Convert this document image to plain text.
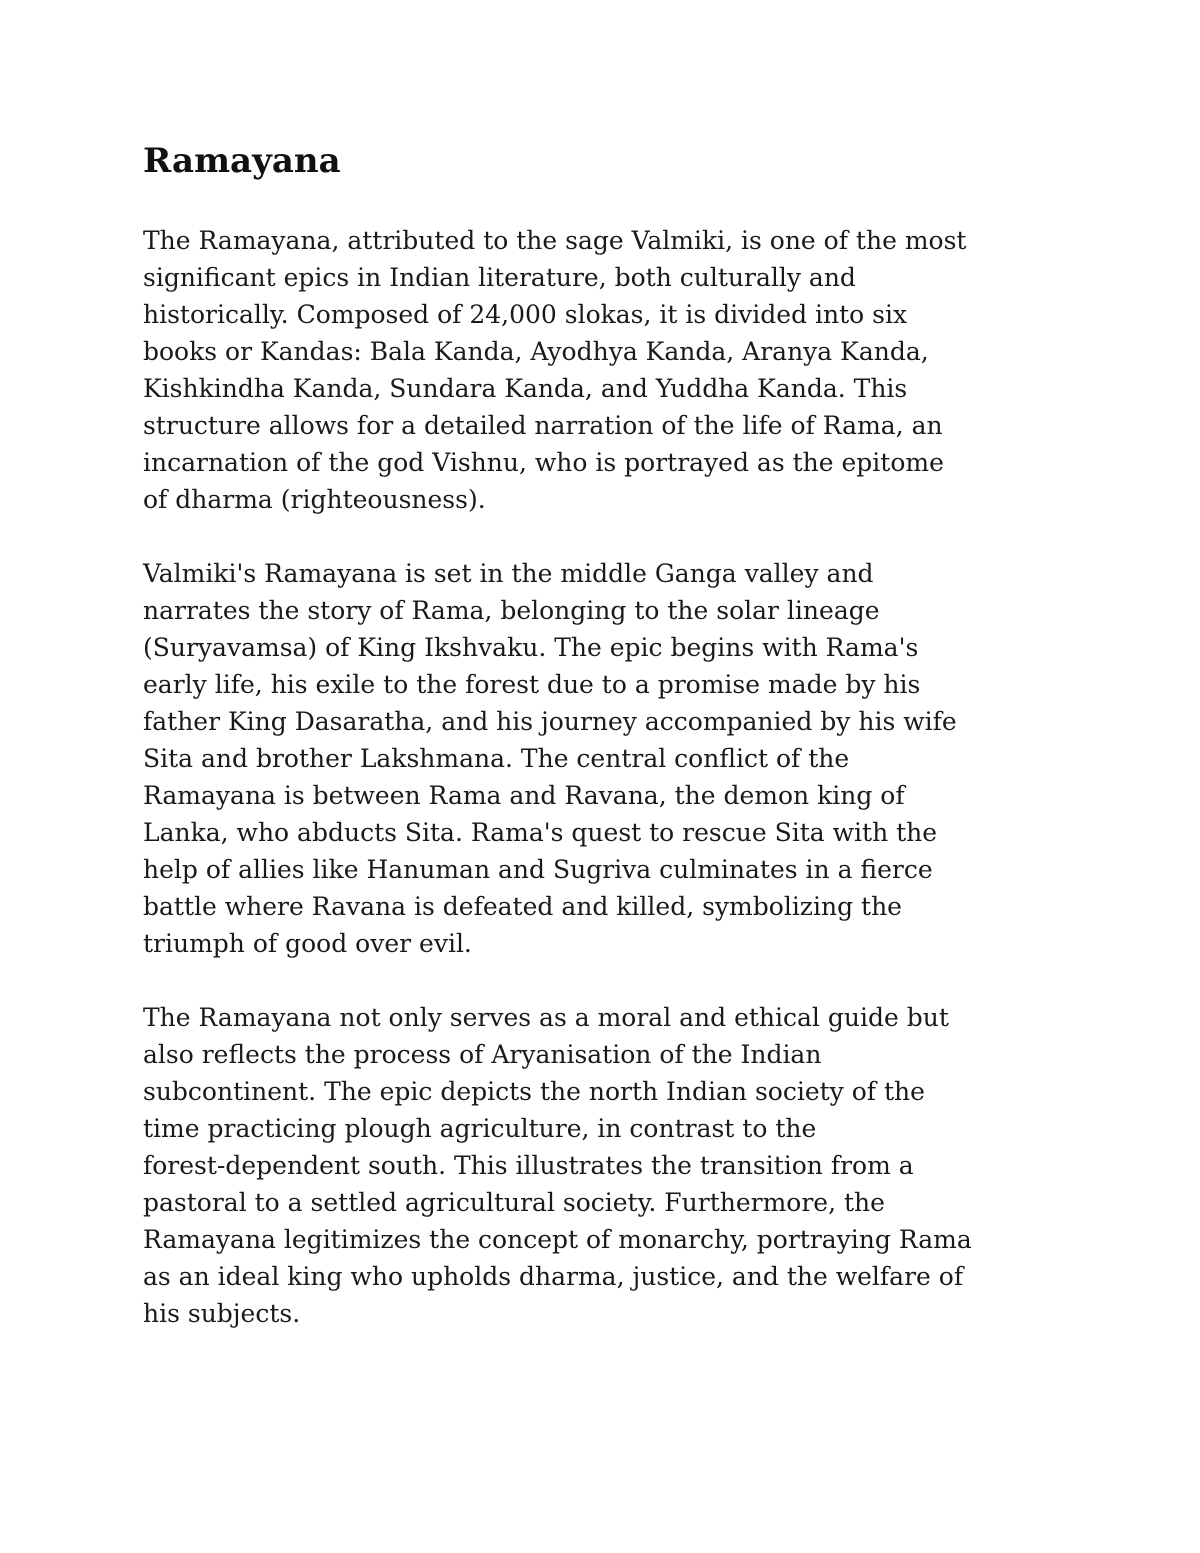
Ramayana

The Ramayana, attributed to the sage Valmiki, is one of the most
significant epics in Indian literature, both culturally and
historically. Composed of 24,000 slokas, it is divided into six
books or Kandas: Bala Kanda, Ayodhya Kanda, Aranya Kanda,
Kishkindha Kanda, Sundara Kanda, and Yuddha Kanda. This
structure allows for a detailed narration of the life of Rama, an
incarnation of the god Vishnu, who is portrayed as the epitome
of dharma (righteousness).

Valmiki's Ramayana is set in the middle Ganga valley and
narrates the story of Rama, belonging to the solar lineage
(Suryavamsa) of King Ikshvaku. The epic begins with Rama's
early life, his exile to the forest due to a promise made by his
father King Dasaratha, and his journey accompanied by his wife
Sita and brother Lakshmana. The central conflict of the
Ramayana is between Rama and Ravana, the demon king of
Lanka, who abducts Sita. Rama's quest to rescue Sita with the
help of allies like Hanuman and Sugriva culminates in a fierce
battle where Ravana is defeated and killed, symbolizing the
triumph of good over evil.

The Ramayana not only serves as a moral and ethical guide but
also reflects the process of Aryanisation of the Indian
subcontinent. The epic depicts the north Indian society of the
time practicing plough agriculture, in contrast to the
forest-dependent south. This illustrates the transition from a
pastoral to a settled agricultural society. Furthermore, the
Ramayana legitimizes the concept of monarchy, portraying Rama
as an ideal king who upholds dharma, justice, and the welfare of
his subjects.
